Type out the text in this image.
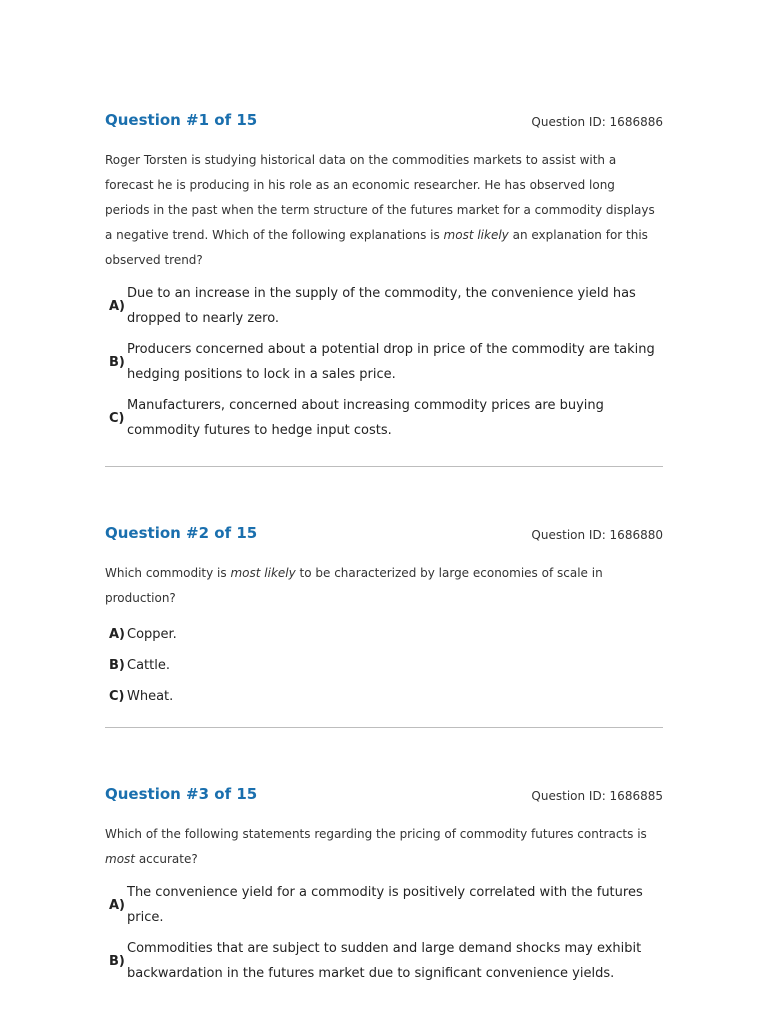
Question #1 of 15	Question ID: 1686886
Roger Torsten is studying historical data on the commodities markets to assist with a forecast he is producing in his role as an economic researcher. He has observed long periods in the past when the term structure of the futures market for a commodity displays a negative trend. Which of the following explanations is most likely an explanation for this observed trend?
A)
Due to an increase in the supply of the commodity, the convenience yield has dropped to nearly zero.
B)
Producers concerned about a potential drop in price of the commodity are taking hedging positions to lock in a sales price.
C)
Manufacturers, concerned about increasing commodity prices are buying commodity futures to hedge input costs.
Question #2 of 15	Question ID: 1686880
Which commodity is most likely to be characterized by large economies of scale in production?
A) Copper.
B) Cattle.
C) Wheat.
Question #3 of 15	Question ID: 1686885
Which of the following statements regarding the pricing of commodity futures contracts is most accurate?
A)
The convenience yield for a commodity is positively correlated with the futures price.
B)
Commodities that are subject to sudden and large demand shocks may exhibit backwardation in the futures market due to significant convenience yields.
